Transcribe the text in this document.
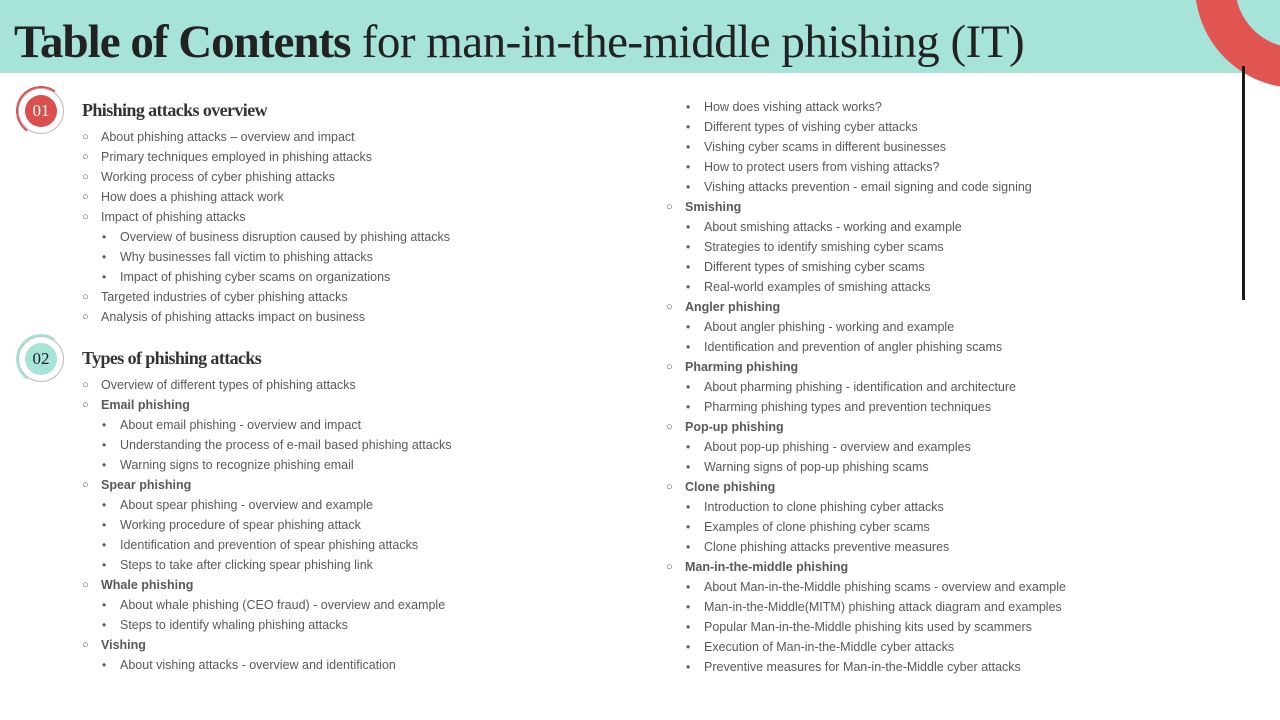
Table of Contents for man-in-the-middle phishing (IT)
01	Phishing attacks overview
02	Types of phishing attacks
○ About phishing attacks – overview and impact
○ Primary techniques employed in phishing attacks
○ Working process of cyber phishing attacks
○ How does a phishing attack work
○ Impact of phishing attacks
• Overview of business disruption caused by phishing attacks
• Why businesses fall victim to phishing attacks
• Impact of phishing cyber scams on organizations
○ Targeted industries of cyber phishing attacks
○ Analysis of phishing attacks impact on business
○ Overview of different types of phishing attacks
○ Email phishing
• About email phishing - overview and impact
• Understanding the process of e-mail based phishing attacks
• Warning signs to recognize phishing email
○ Spear phishing
• About spear phishing - overview and example
• Working procedure of spear phishing attack
• Identification and prevention of spear phishing attacks
• Steps to take after clicking spear phishing link
○ Whale phishing
• About whale phishing (CEO fraud) - overview and example
• Steps to identify whaling phishing attacks
○ Vishing
• About vishing attacks - overview and identification
• How does vishing attack works?
• Different types of vishing cyber attacks
• Vishing cyber scams in different businesses
• How to protect users from vishing attacks?
• Vishing attacks prevention - email signing and code signing
○ Smishing
• About smishing attacks - working and example
• Strategies to identify smishing cyber scams
• Different types of smishing cyber scams
• Real-world examples of smishing attacks
○ Angler phishing
• About angler phishing - working and example
• Identification and prevention of angler phishing scams
○ Pharming phishing
• About pharming phishing - identification and architecture
• Pharming phishing types and prevention techniques
○ Pop-up phishing
• About pop-up phishing - overview and examples
• Warning signs of pop-up phishing scams
○ Clone phishing
• Introduction to clone phishing cyber attacks
• Examples of clone phishing cyber scams
• Clone phishing attacks preventive measures
○ Man-in-the-middle phishing
• About Man-in-the-Middle phishing scams - overview and example
• Man-in-the-Middle(MITM) phishing attack diagram and examples
• Popular Man-in-the-Middle phishing kits used by scammers
• Execution of Man-in-the-Middle cyber attacks
• Preventive measures for Man-in-the-Middle cyber attacks
